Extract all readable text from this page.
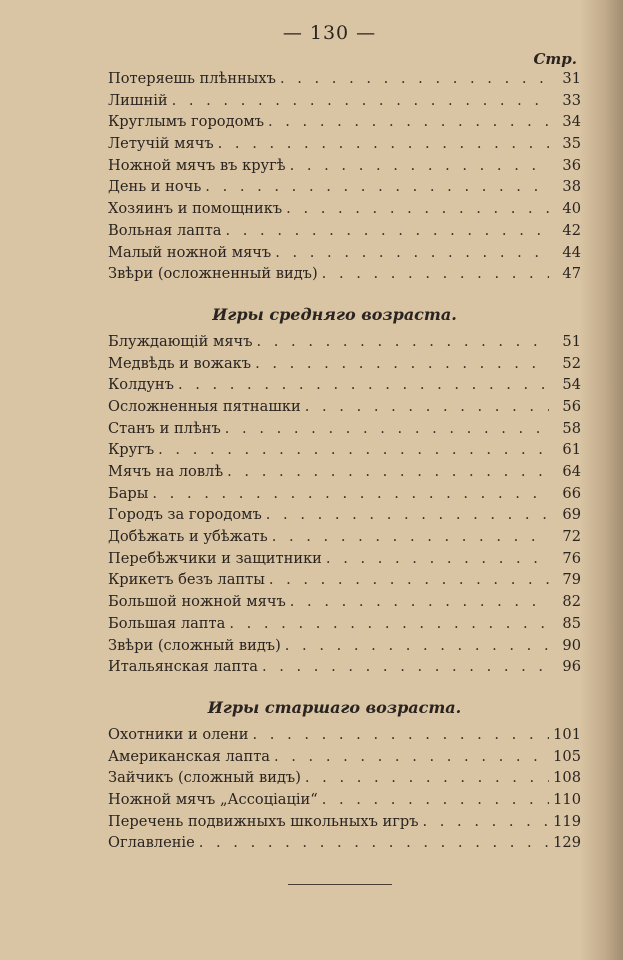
— 130 —
Стр.
Потеряешь плѣнныхъ . . .	31
Лишній . . .	33
Круглымъ городомъ . . .	34
Летучій мячъ . . .	35
Ножной мячъ въ кругѣ . . .	36
День и ночь . . .	38
Хозяинъ и помощникъ . . .	40
Вольная лапта . . .	42
Малый ножной мячъ . . .	44
Звѣри (осложненный видъ) . . .	47
Игры средняго возраста.
Блуждающій мячъ . . .	51
Медвѣдь и вожакъ . . .	52
Колдунъ . . .	54
Осложненныя пятнашки . . .	56
Станъ и плѣнъ . . .	58
Кругъ . . .	61
Мячъ на ловлѣ . . .	64
Бары . . .	66
Городъ за городомъ . . .	69
Добѣжать и убѣжать . . .	72
Перебѣжчики и защитники . . .	76
Крикетъ безъ лапты . . .	79
Большой ножной мячъ . . .	82
Большая лапта . . .	85
Звѣри (сложный видъ) . . .	90
Итальянская лапта . . .	96
Игры старшаго возраста.
Охотники и олени . . .	101
Американская лапта . . .	105
Зайчикъ (сложный видъ) . . .	108
Ножной мячъ „Ассоціаціи“ . . .	110
Перечень подвижныхъ школьныхъ игръ . . .	119
Оглавленіе . . .	129
